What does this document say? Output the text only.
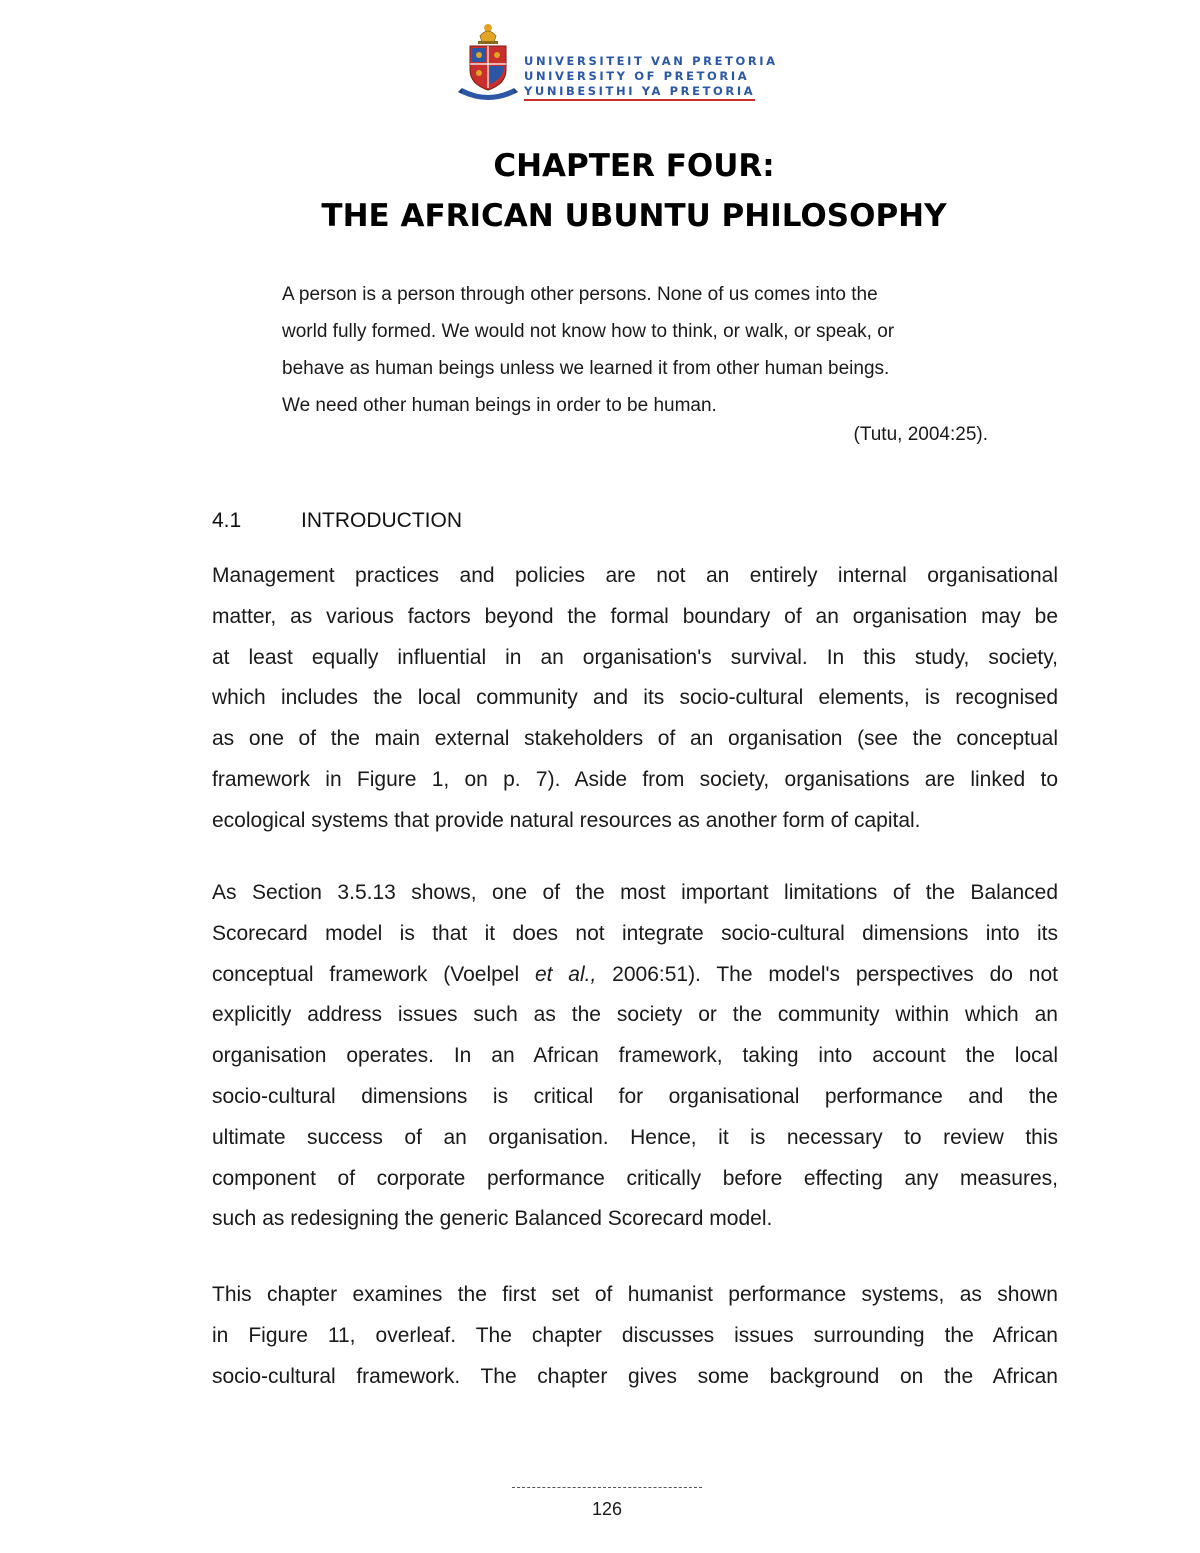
UNIVERSITEIT VAN PRETORIA
UNIVERSITY OF PRETORIA
YUNIBESITHI YA PRETORIA
CHAPTER FOUR:
THE AFRICAN UBUNTU PHILOSOPHY
A person is a person through other persons. None of us comes into the
world fully formed. We would not know how to think, or walk, or speak, or
behave as human beings unless we learned it from other human beings.
We need other human beings in order to be human.
(Tutu, 2004:25).
4.1	INTRODUCTION
Management practices and policies are not an entirely internal organisational
matter, as various factors beyond the formal boundary of an organisation may be
at least equally influential in an organisation's survival. In this study, society,
which includes the local community and its socio-cultural elements, is recognised
as one of the main external stakeholders of an organisation (see the conceptual
framework in Figure 1, on p. 7). Aside from society, organisations are linked to
ecological systems that provide natural resources as another form of capital.
As Section 3.5.13 shows, one of the most important limitations of the Balanced
Scorecard model is that it does not integrate socio-cultural dimensions into its
conceptual framework (Voelpel et al., 2006:51). The model's perspectives do not
explicitly address issues such as the society or the community within which an
organisation operates. In an African framework, taking into account the local
socio-cultural dimensions is critical for organisational performance and the
ultimate success of an organisation. Hence, it is necessary to review this
component of corporate performance critically before effecting any measures,
such as redesigning the generic Balanced Scorecard model.
This chapter examines the first set of humanist performance systems, as shown
in Figure 11, overleaf. The chapter discusses issues surrounding the African
socio-cultural framework. The chapter gives some background on the African
126
